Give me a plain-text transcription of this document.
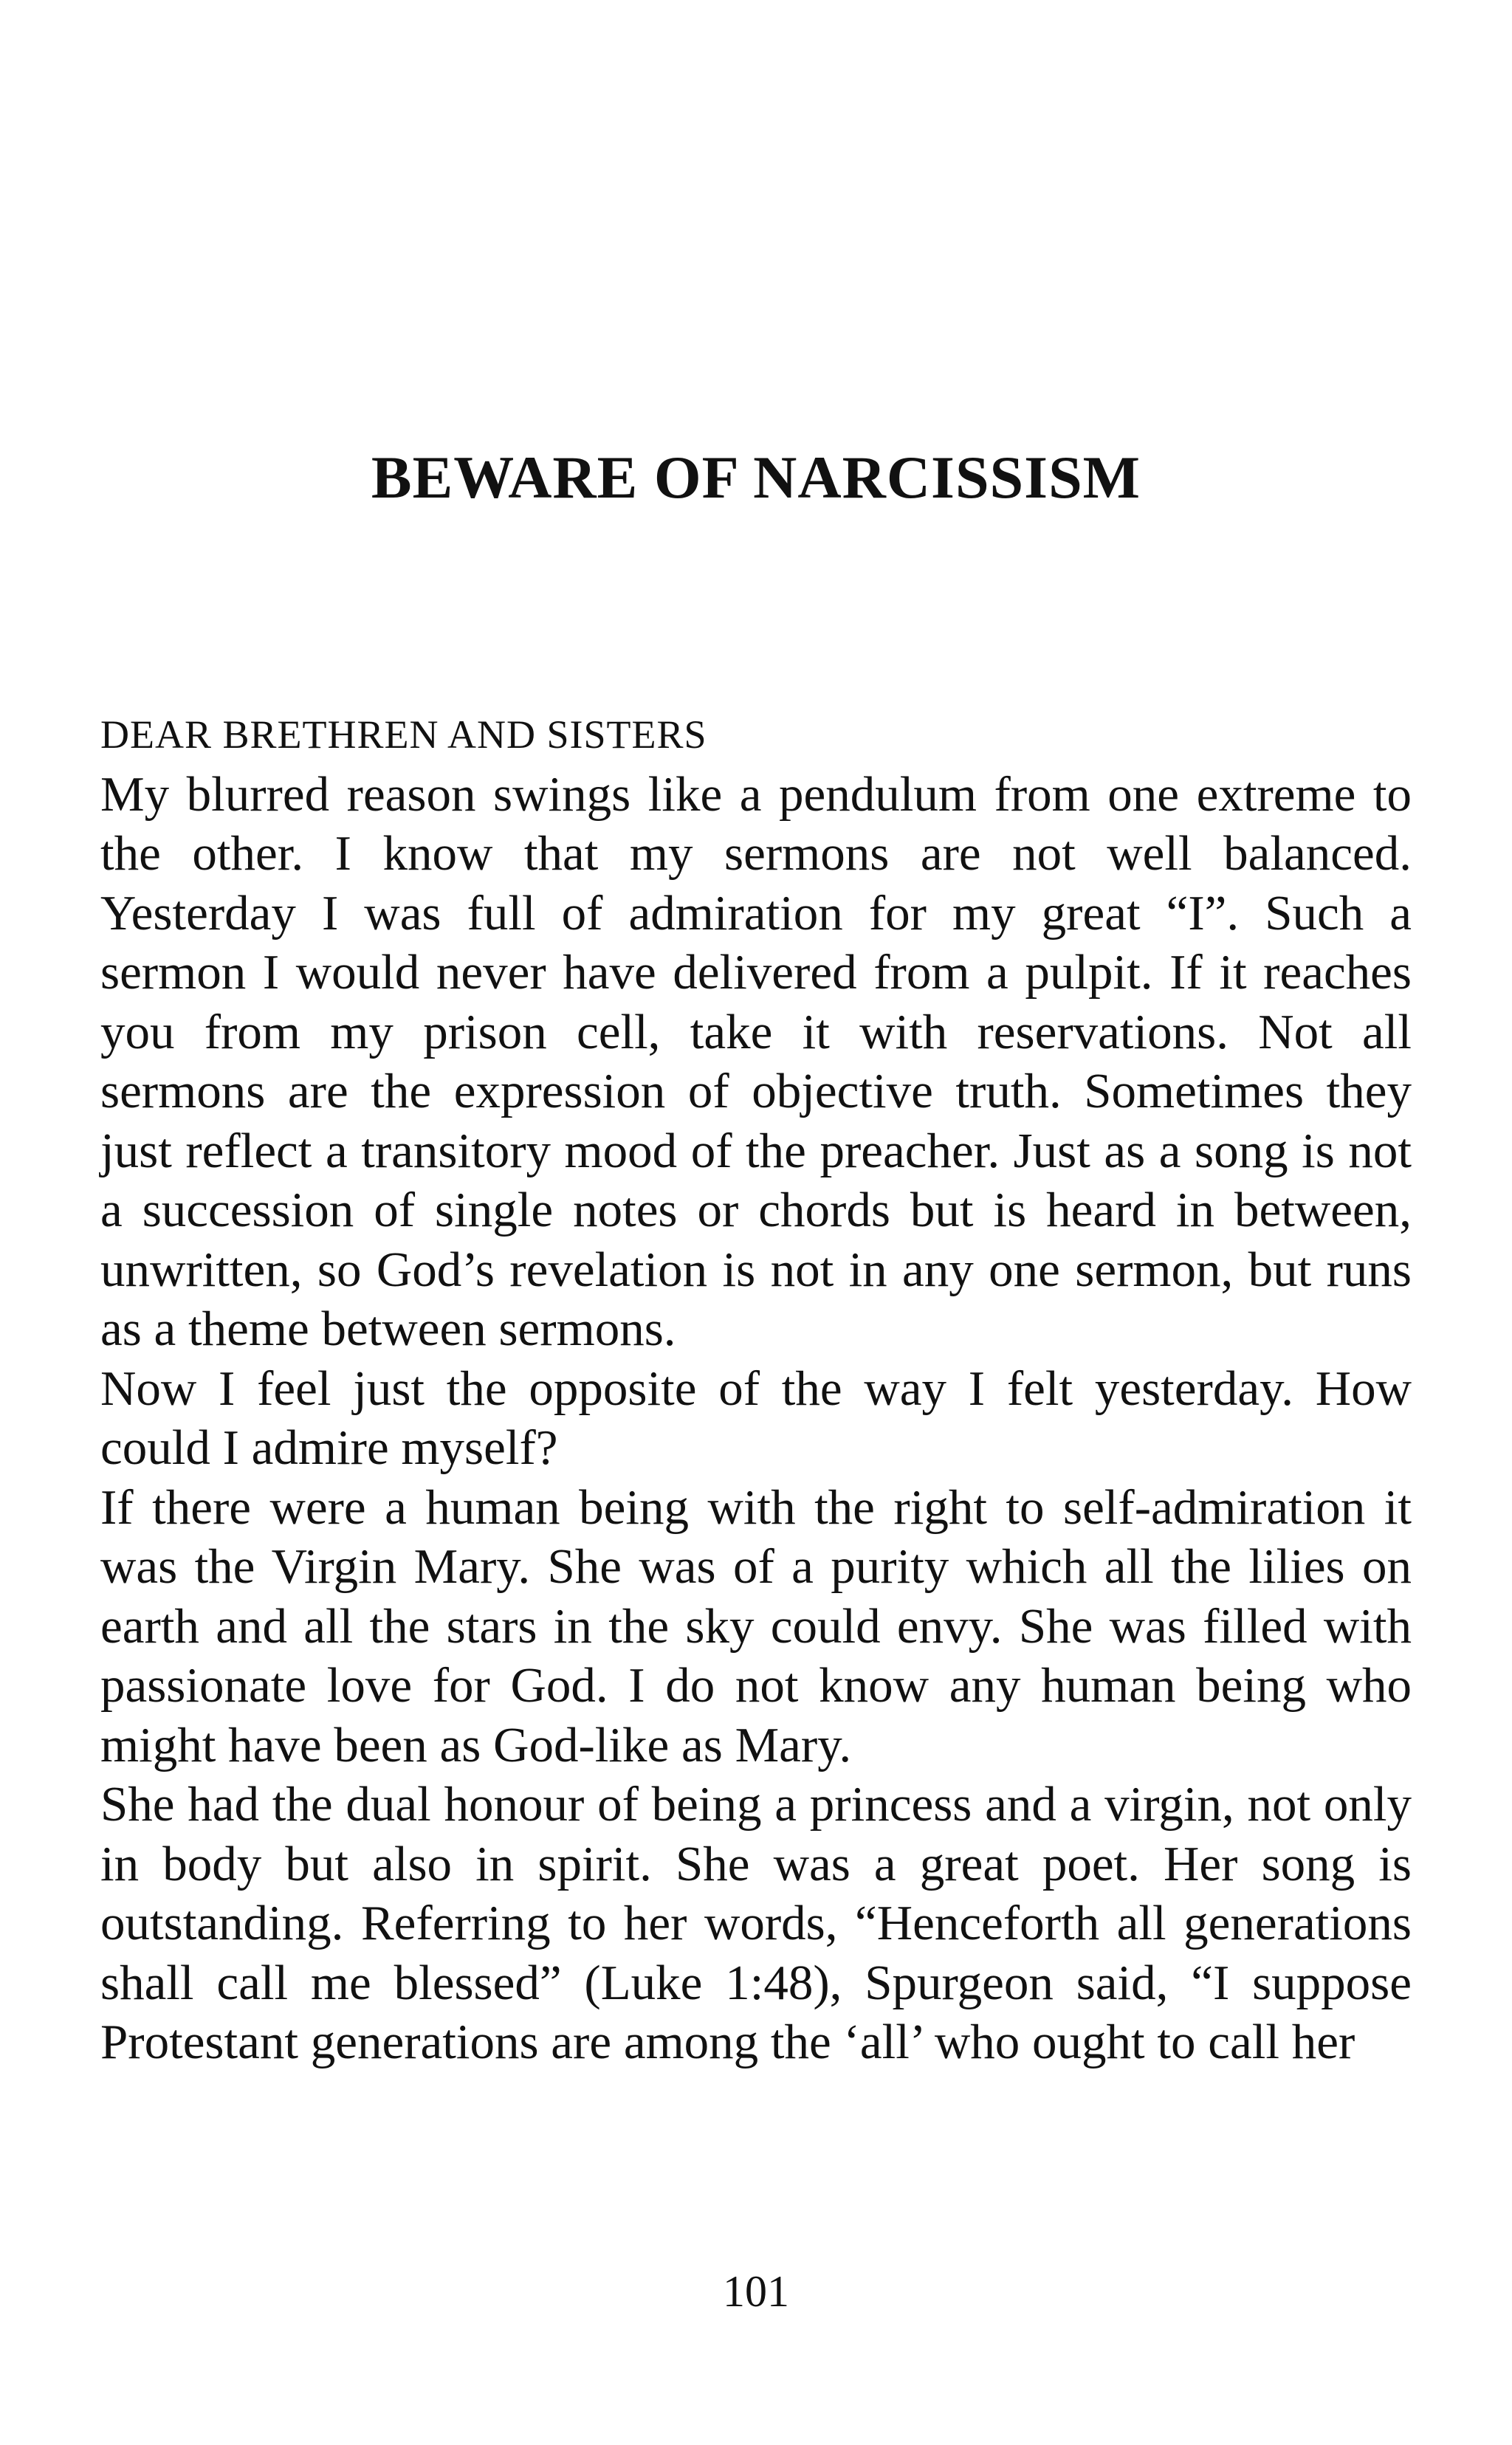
BEWARE OF NARCISSISM

DEAR BRETHREN AND SISTERS

My blurred reason swings like a pendulum from one extreme to the other. I know that my sermons are not well balanced. Yesterday I was full of admiration for my great “I”. Such a sermon I would never have delivered from a pulpit. If it reaches you from my prison cell, take it with reservations. Not all sermons are the expression of objective truth. Sometimes they just reflect a transitory mood of the preacher. Just as a song is not a succession of single notes or chords but is heard in between, unwritten, so God’s revelation is not in any one sermon, but runs as a theme between sermons.

Now I feel just the opposite of the way I felt yesterday. How could I admire myself?

If there were a human being with the right to self-admiration it was the Virgin Mary. She was of a purity which all the lilies on earth and all the stars in the sky could envy. She was filled with passionate love for God. I do not know any human being who might have been as God-like as Mary.

She had the dual honour of being a princess and a virgin, not only in body but also in spirit. She was a great poet. Her song is outstanding. Referring to her words, “Henceforth all generations shall call me blessed” (Luke 1:48), Spurgeon said, “I suppose Protestant generations are among the ‘all’ who ought to call her

101
